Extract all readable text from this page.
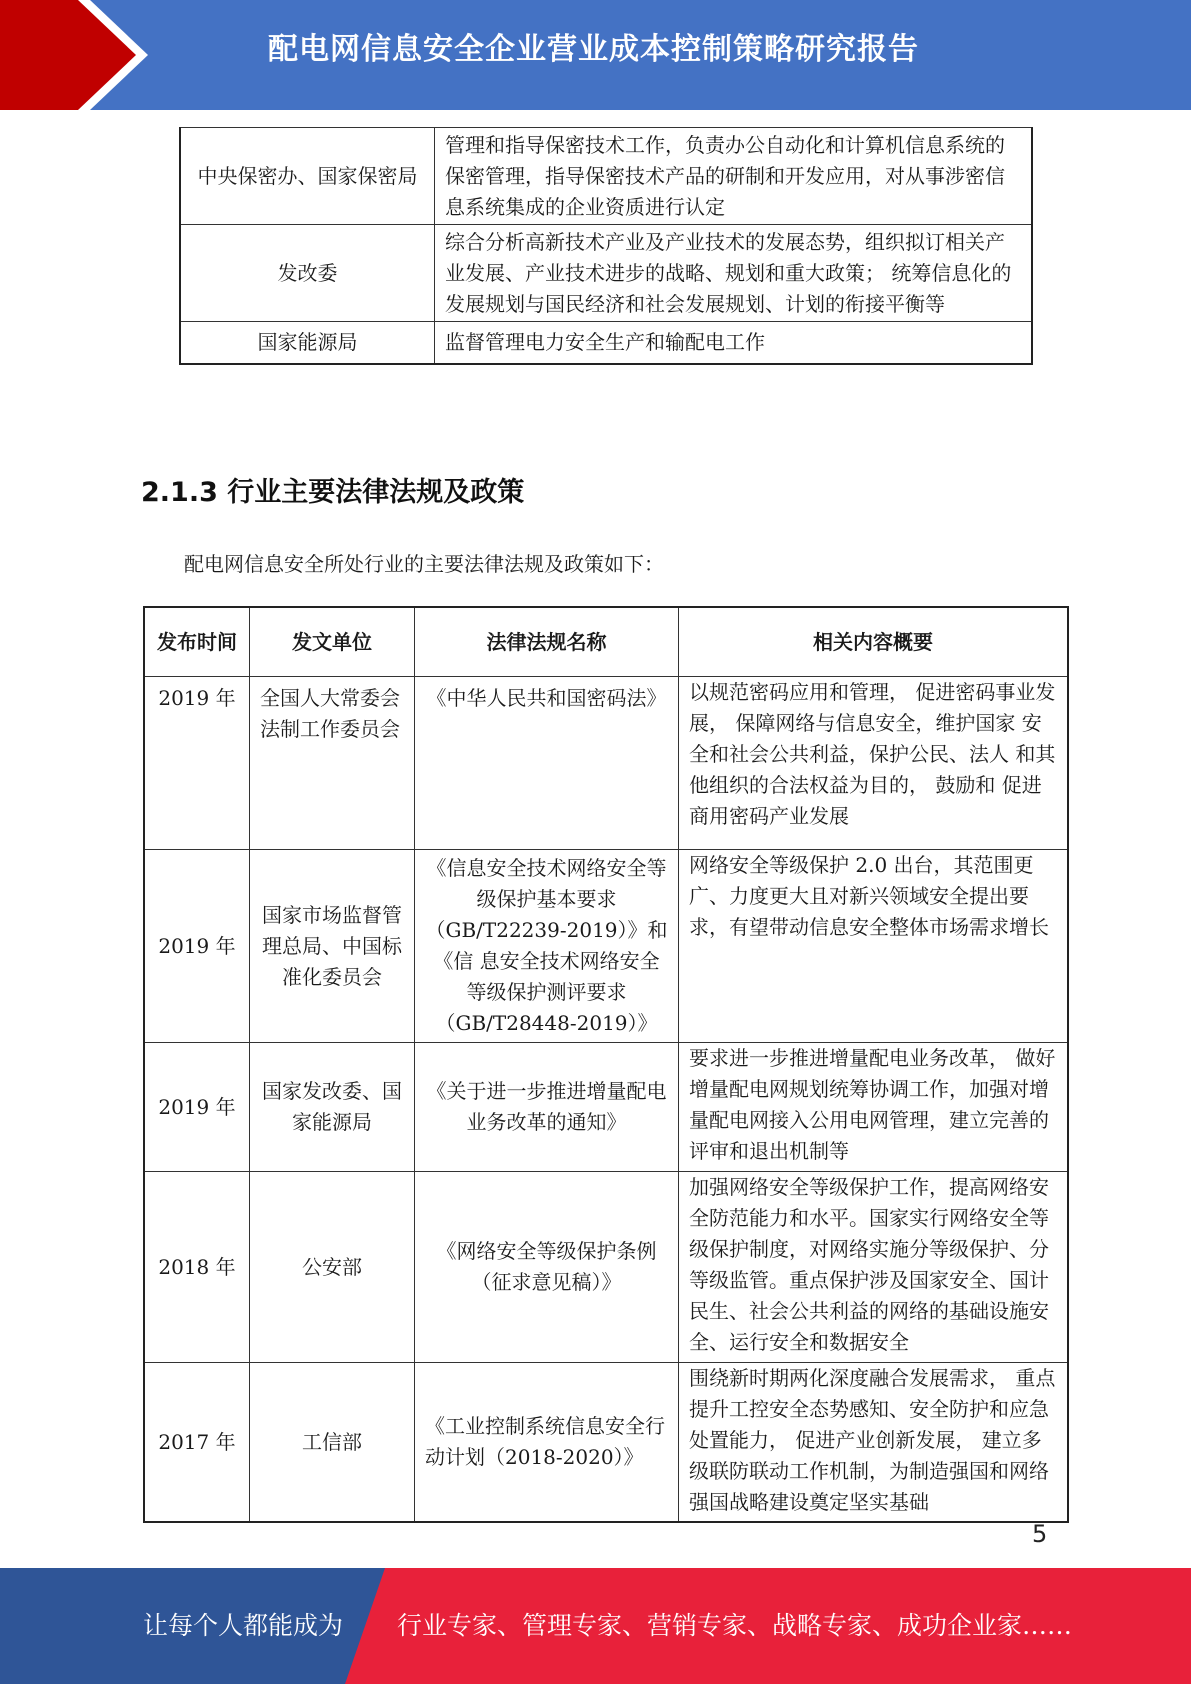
配电网信息安全企业营业成本控制策略研究报告
中央保密办、国家保密局	管理和指导保密技术工作，负责办公自动化和计算机信息系统的保密管理，指导保密技术产品的研制和开发应用，对从事涉密信息系统集成的企业资质进行认定
发改委	综合分析高新技术产业及产业技术的发展态势，组织拟订相关产业发展、产业技术进步的战略、规划和重大政策； 统筹信息化的发展规划与国民经济和社会发展规划、计划的衔接平衡等
国家能源局	监督管理电力安全生产和输配电工作
2.1.3 行业主要法律法规及政策
配电网信息安全所处行业的主要法律法规及政策如下：
发布时间	发文单位	法律法规名称	相关内容概要
2019 年	全国人大常委会法制工作委员会	《中华人民共和国密码法》	以规范密码应用和管理， 促进密码事业发展， 保障网络与信息安全，维护国家 安全和社会公共利益，保护公民、法人 和其他组织的合法权益为目的， 鼓励和 促进商用密码产业发展
2019 年	国家市场监督管理总局、中国标准化委员会	《信息安全技术网络安全等级保护基本要求（GB/T22239-2019）》和《信 息安全技术网络安全等级保护测评要求（GB/T28448-2019）》	网络安全等级保护 2.0 出台，其范围更广、力度更大且对新兴领域安全提出要求，有望带动信息安全整体市场需求增长
2019 年	国家发改委、国家能源局	《关于进一步推进增量配电业务改革的通知》	要求进一步推进增量配电业务改革， 做好增量配电网规划统筹协调工作，加强对增量配电网接入公用电网管理，建立完善的评审和退出机制等
2018 年	公安部	《网络安全等级保护条例（征求意见稿）》	加强网络安全等级保护工作，提高网络安全防范能力和水平。国家实行网络安全等级保护制度，对网络实施分等级保护、分等级监管。重点保护涉及国家安全、国计民生、社会公共利益的网络的基础设施安全、运行安全和数据安全
2017 年	工信部	《工业控制系统信息安全行动计划（2018-2020）》	围绕新时期两化深度融合发展需求， 重点提升工控安全态势感知、安全防护和应急处置能力， 促进产业创新发展， 建立多级联防联动工作机制，为制造强国和网络强国战略建设奠定坚实基础
5
让每个人都能成为 行业专家、管理专家、营销专家、战略专家、成功企业家……
